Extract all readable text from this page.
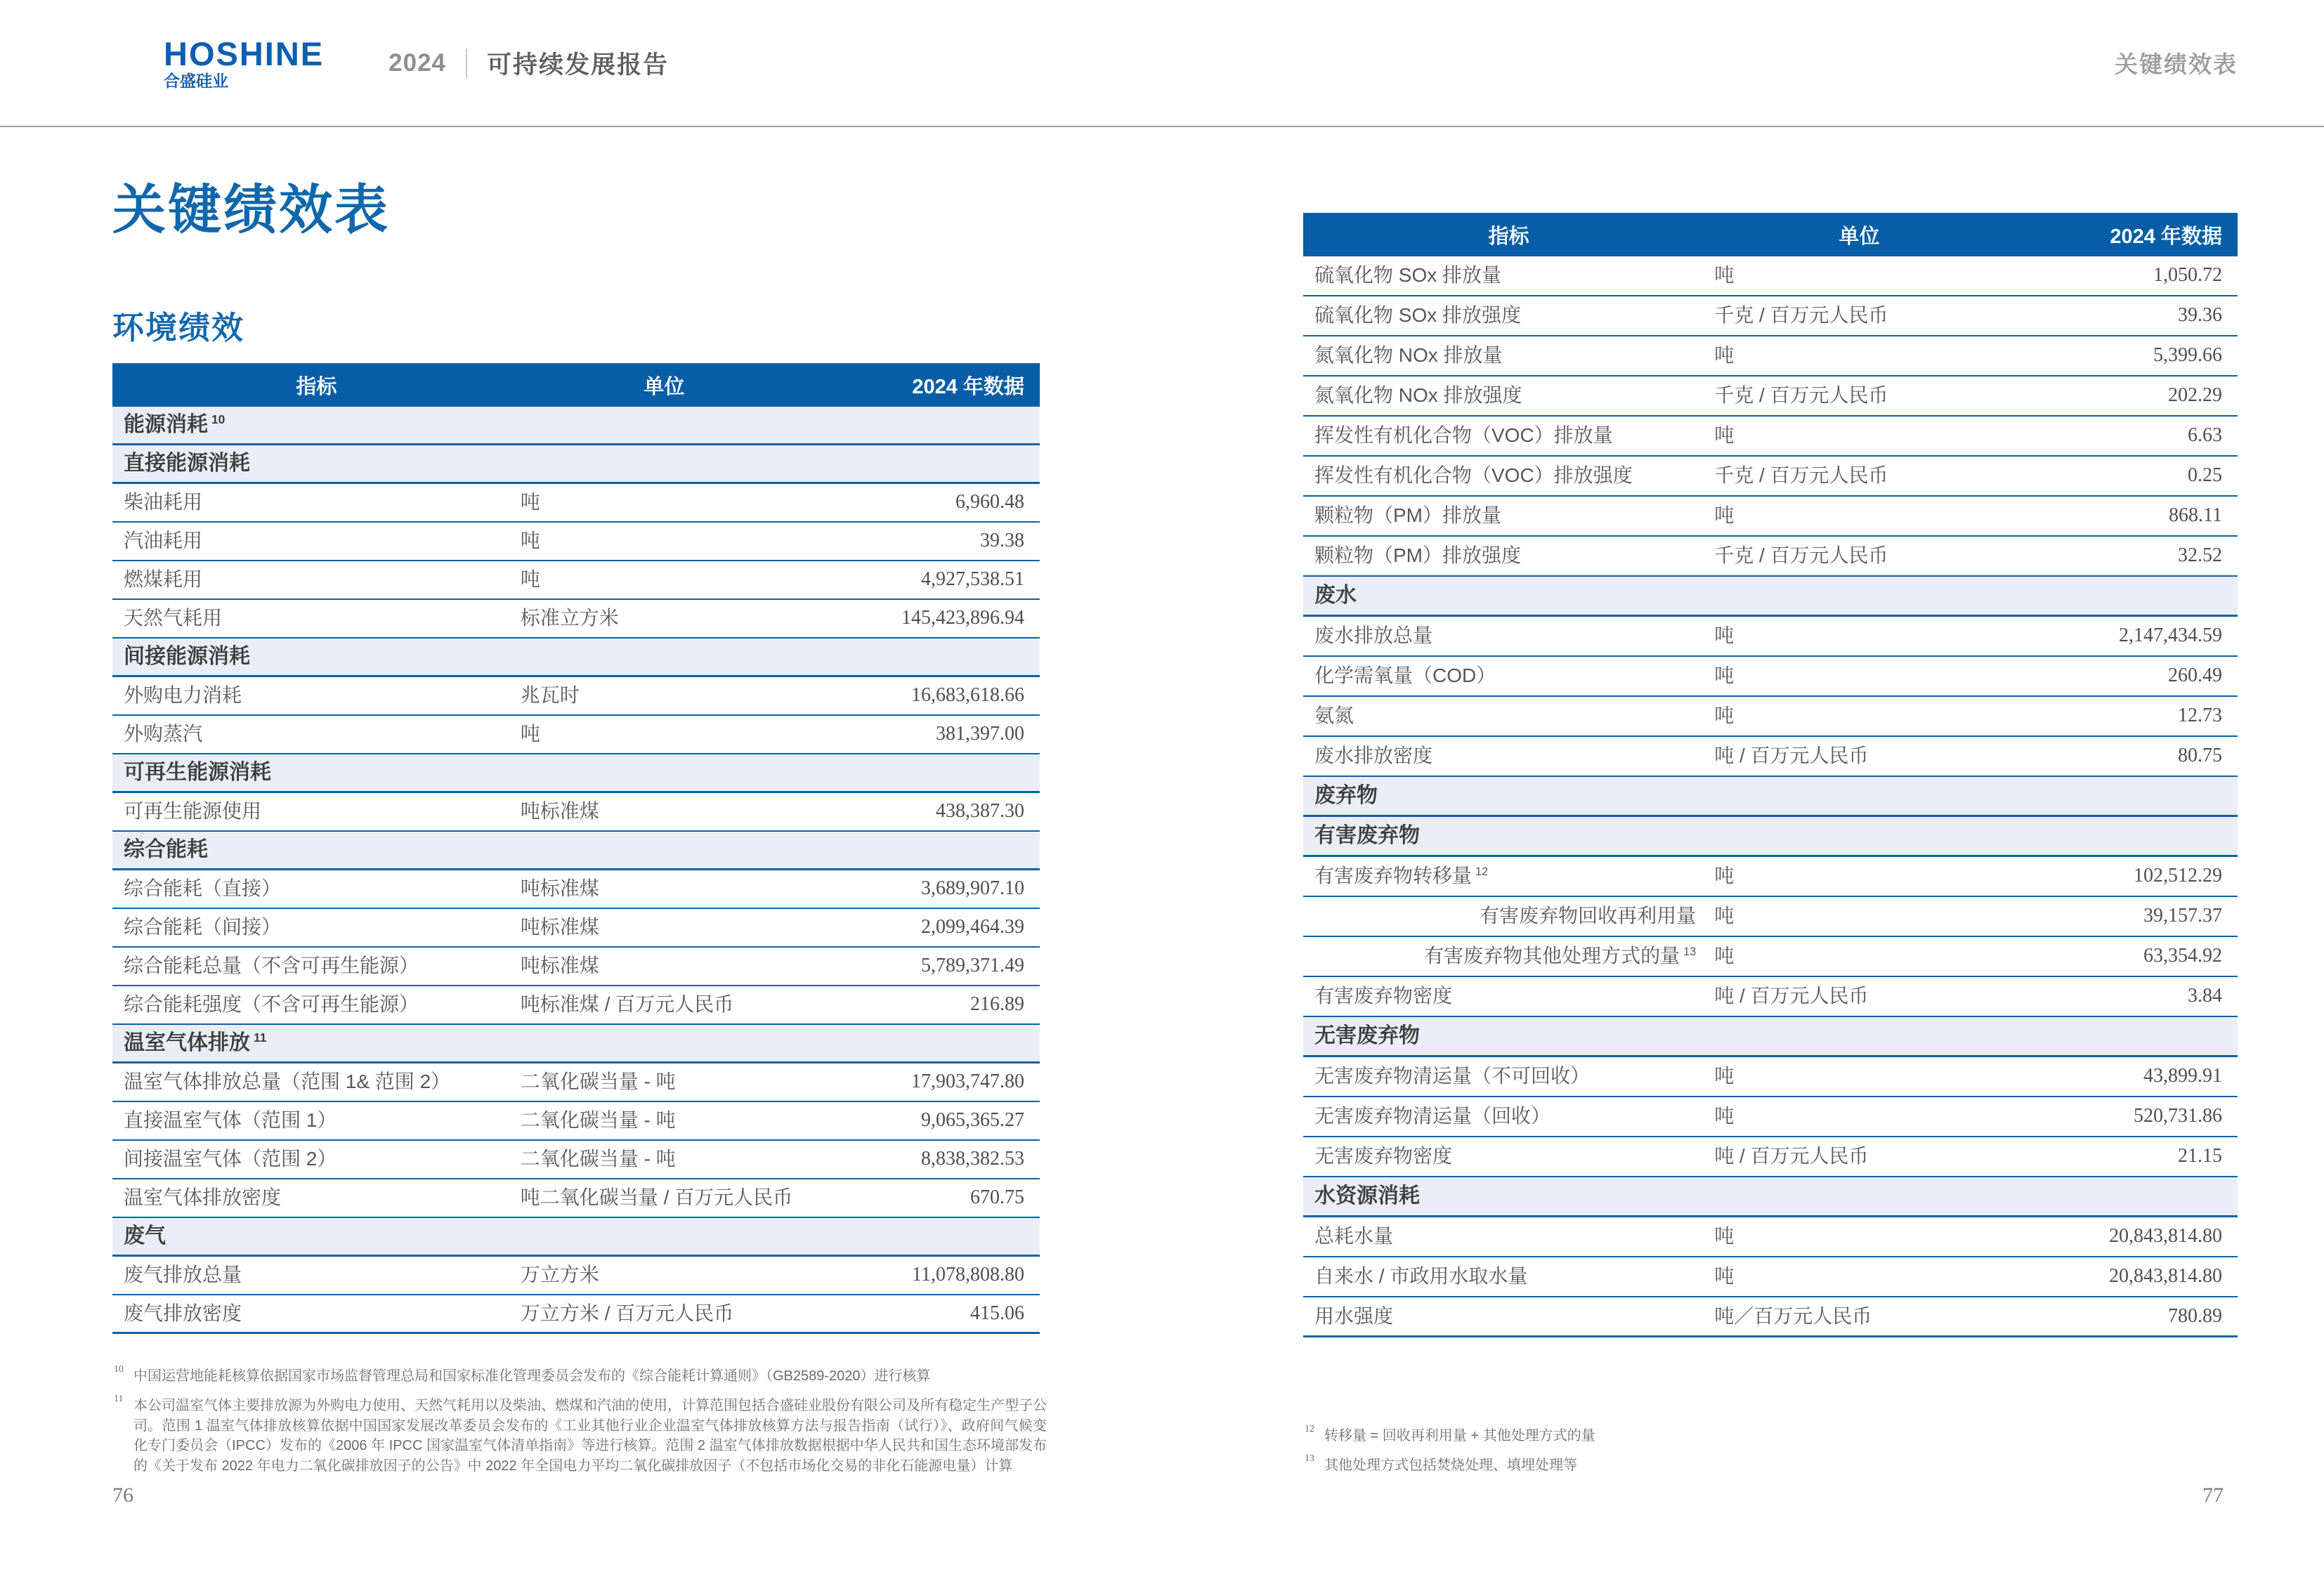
HOSHINE
合盛硅业
2024 可持续发展报告	关键绩效表
关键绩效表
环境绩效
指标	单位	2024 年数据
能源消耗 $^{10}$
直接能源消耗
柴油耗用	吨	6,960.48
汽油耗用	吨	39.38
燃煤耗用	吨	4,927,538.51
天然气耗用	标准立方米	145,423,896.94
间接能源消耗
外购电力消耗	兆瓦时	16,683,618.66
外购蒸汽	吨	381,397.00
可再生能源消耗
可再生能源使用	吨标准煤	438,387.30
综合能耗
综合能耗（直接）	吨标准煤	3,689,907.10
综合能耗（间接）	吨标准煤	2,099,464.39
综合能耗总量（不含可再生能源）	吨标准煤	5,789,371.49
综合能耗强度（不含可再生能源）	吨标准煤 / 百万元人民币	216.89
温室气体排放 $^{11}$
温室气体排放总量（范围 1& 范围 2）	二氧化碳当量 - 吨	17,903,747.80
直接温室气体（范围 1）	二氧化碳当量 - 吨	9,065,365.27
间接温室气体（范围 2）	二氧化碳当量 - 吨	8,838,382.53
温室气体排放密度	吨二氧化碳当量 / 百万元人民币	670.75
废气
废气排放总量	万立方米	11,078,808.80
废气排放密度	万立方米 / 百万元人民币	415.06
10 中国运营地能耗核算依据国家市场监督管理总局和国家标准化管理委员会发布的《综合能耗计算通则》（GB2589-2020）进行核算
11 本公司温室气体主要排放源为外购电力使用、天然气耗用以及柴油、燃煤和汽油的使用，计算范围包括合盛硅业股份有限公司及所有稳定生产型子公司。范围 1 温室气体排放核算依据中国国家发展改革委员会发布的《工业其他行业企业温室气体排放核算方法与报告指南（试行）》、政府间气候变化专门委员会（IPCC）发布的《2006 年 IPCC 国家温室气体清单指南》等进行核算。范围 2 温室气体排放数据根据中华人民共和国生态环境部发布的《关于发布 2022 年电力二氧化碳排放因子的公告》中 2022 年全国电力平均二氧化碳排放因子（不包括市场化交易的非化石能源电量）计算
76
指标	单位	2024 年数据
硫氧化物 SOx 排放量	吨	1,050.72
硫氧化物 SOx 排放强度	千克 / 百万元人民币	39.36
氮氧化物 NOx 排放量	吨	5,399.66
氮氧化物 NOx 排放强度	千克 / 百万元人民币	202.29
挥发性有机化合物（VOC）排放量	吨	6.63
挥发性有机化合物（VOC）排放强度	千克 / 百万元人民币	0.25
颗粒物（PM）排放量	吨	868.11
颗粒物（PM）排放强度	千克 / 百万元人民币	32.52
废水
废水排放总量	吨	2,147,434.59
化学需氧量（COD）	吨	260.49
氨氮	吨	12.73
废水排放密度	吨 / 百万元人民币	80.75
废弃物
有害废弃物
有害废弃物转移量 $^{12}$	吨	102,512.29
有害废弃物回收再利用量 吨	39,157.37
有害废弃物其他处理方式的量 $^{13}$ 吨	63,354.92
有害废弃物密度	吨 / 百万元人民币	3.84
无害废弃物
无害废弃物清运量（不可回收）	吨	43,899.91
无害废弃物清运量（回收）	吨	520,731.86
无害废弃物密度	吨 / 百万元人民币	21.15
水资源消耗
总耗水量	吨	20,843,814.80
自来水 / 市政用水取水量	吨	20,843,814.80
用水强度	吨／百万元人民币	780.89
12 转移量 = 回收再利用量 + 其他处理方式的量
13 其他处理方式包括焚烧处理、填埋处理等
77
